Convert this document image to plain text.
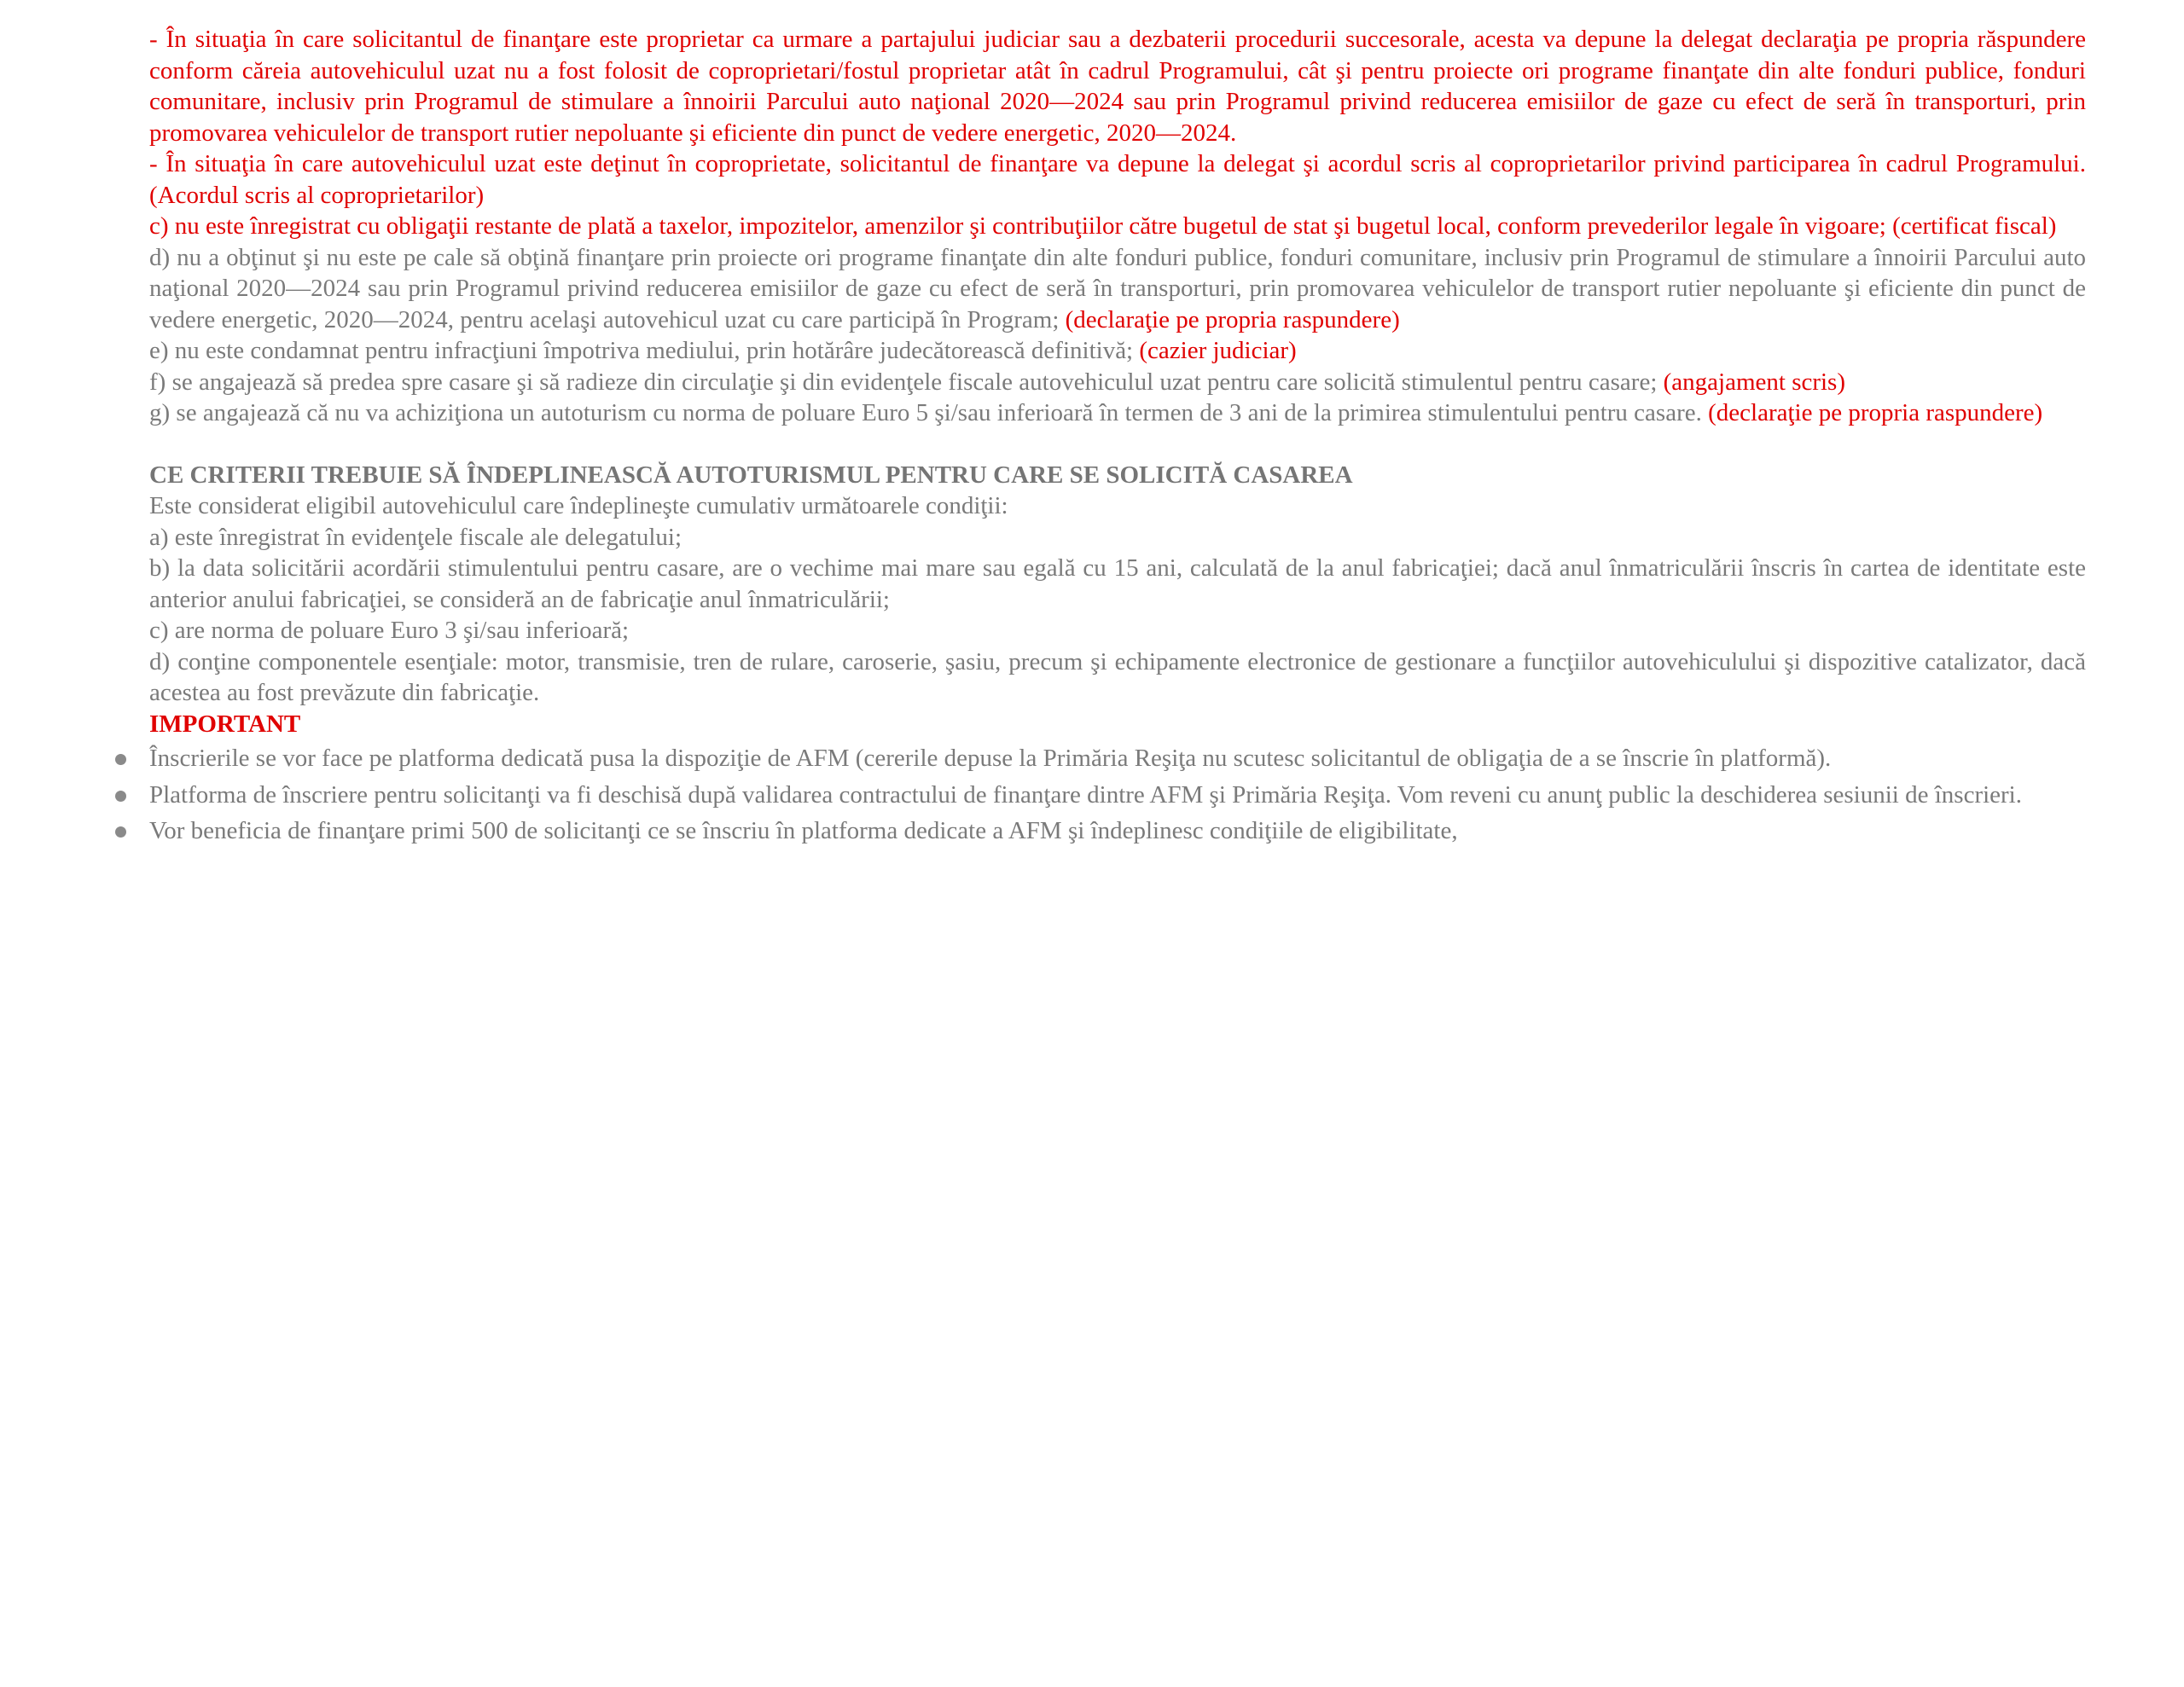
- În situaţia în care solicitantul de finanţare este proprietar ca urmare a partajului judiciar sau a dezbaterii procedurii succesorale, acesta va depune la delegat declaraţia pe propria răspundere conform căreia autovehiculul uzat nu a fost folosit de coproprietari/fostul proprietar atât în cadrul Programului, cât şi pentru proiecte ori programe finanţate din alte fonduri publice, fonduri comunitare, inclusiv prin Programul de stimulare a înnoirii Parcului auto naţional 2020—2024 sau prin Programul privind reducerea emisiilor de gaze cu efect de seră în transporturi, prin promovarea vehiculelor de transport rutier nepoluante şi eficiente din punct de vedere energetic, 2020—2024.

- În situaţia în care autovehiculul uzat este deţinut în coproprietate, solicitantul de finanţare va depune la delegat şi acordul scris al coproprietarilor privind participarea în cadrul Programului. (Acordul scris al coproprietarilor)

c) nu este înregistrat cu obligaţii restante de plată a taxelor, impozitelor, amenzilor şi contribuţiilor către bugetul de stat şi bugetul local, conform prevederilor legale în vigoare; (certificat fiscal)

d) nu a obţinut şi nu este pe cale să obţină finanţare prin proiecte ori programe finanţate din alte fonduri publice, fonduri comunitare, inclusiv prin Programul de stimulare a înnoirii Parcului auto naţional 2020—2024 sau prin Programul privind reducerea emisiilor de gaze cu efect de seră în transporturi, prin promovarea vehiculelor de transport rutier nepoluante şi eficiente din punct de vedere energetic, 2020—2024, pentru acelaşi autovehicul uzat cu care participă în Program; (declaraţie pe propria raspundere)

e) nu este condamnat pentru infracţiuni împotriva mediului, prin hotărâre judecătorească definitivă; (cazier judiciar)

f) se angajează să predea spre casare şi să radieze din circulaţie şi din evidenţele fiscale autovehiculul uzat pentru care solicită stimulentul pentru casare; (angajament scris)

g) se angajează că nu va achiziţiona un autoturism cu norma de poluare Euro 5 şi/sau inferioară în termen de 3 ani de la primirea stimulentului pentru casare. (declaraţie pe propria raspundere)

CE CRITERII TREBUIE SĂ ÎNDEPLINEASCĂ AUTOTURISMUL PENTRU CARE SE SOLICITĂ CASAREA

Este considerat eligibil autovehiculul care îndeplineşte cumulativ următoarele condiţii:

a) este înregistrat în evidenţele fiscale ale delegatului;

b) la data solicitării acordării stimulentului pentru casare, are o vechime mai mare sau egală cu 15 ani, calculată de la anul fabricaţiei; dacă anul înmatriculării înscris în cartea de identitate este anterior anului fabricaţiei, se consideră an de fabricaţie anul înmatriculării;

c) are norma de poluare Euro 3 şi/sau inferioară;

d) conţine componentele esenţiale: motor, transmisie, tren de rulare, caroserie, şasiu, precum şi echipamente electronice de gestionare a funcţiilor autovehiculului şi dispozitive catalizator, dacă acestea au fost prevăzute din fabricaţie.

IMPORTANT

Înscrierile se vor face pe platforma dedicată pusa la dispoziţie de AFM (cererile depuse la Primăria Reşiţa nu scutesc solicitantul de obligaţia de a se înscrie în platformă).
Platforma de înscriere pentru solicitanţi va fi deschisă după validarea contractului de finanţare dintre AFM şi Primăria Reşiţa. Vom reveni cu anunţ public la deschiderea sesiunii de înscrieri.
Vor beneficia de finanţare primi 500 de solicitanţi ce se înscriu în platforma dedicate a AFM şi îndeplinesc condiţiile de eligibilitate,
